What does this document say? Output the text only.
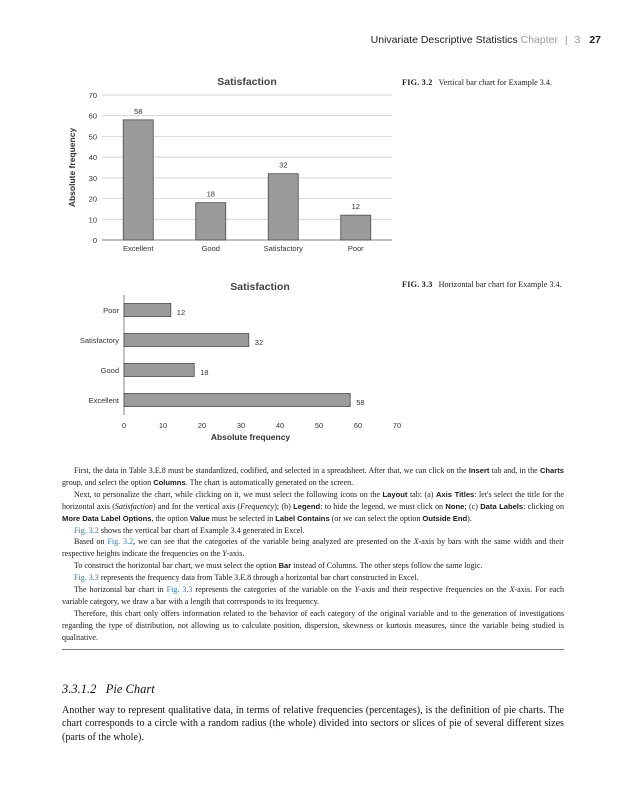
Univariate Descriptive Statistics Chapter | 3 27
Satisfaction
0
10
20
30
40
50
60
70
Absolute frequency
58
Excellent
18
Good
32
Satisfactory
12
Poor
FIG. 3.2 Vertical bar chart for Example 3.4.
Satisfaction
0	10	20	30	40	50	60	70
Absolute frequency
58
Excellent
18
Good
32
Satisfactory
12
Poor
FIG. 3.3 Horizontal bar chart for Example 3.4.

First, the data in Table 3.E.8 must be standardized, codified, and selected in a spreadsheet. After that, we can click on the Insert tab and, in the Charts group, and select the option Columns. The chart is automatically generated on the screen.

Next, to personalize the chart, while clicking on it, we must select the following icons on the Layout tab: (a) Axis Titles: let's select the title for the horizontal axis (Satisfaction) and for the vertical axis (Frequency); (b) Legend: to hide the legend, we must click on None; (c) Data Labels: clicking on More Data Label Options, the option Value must be selected in Label Contains (or we can select the option Outside End).

Fig. 3.2 shows the vertical bar chart of Example 3.4 generated in Excel.

Based on Fig. 3.2, we can see that the categories of the variable being analyzed are presented on the X-axis by bars with the same width and their respective heights indicate the frequencies on the Y-axis.

To construct the horizontal bar chart, we must select the option Bar instead of Columns. The other steps follow the same logic.

Fig. 3.3 represents the frequency data from Table 3.E.8 through a horizontal bar chart constructed in Excel.

The horizontal bar chart in Fig. 3.3 represents the categories of the variable on the Y-axis and their respective frequencies on the X-axis. For each variable category, we draw a bar with a length that corresponds to its frequency.

Therefore, this chart only offers information related to the behavior of each category of the original variable and to the generation of investigations regarding the type of distribution, not allowing us to calculate position, dispersion, skewness or kurtosis measures, since the variable being studied is qualitative.

3.3.1.2 Pie Chart
Another way to represent qualitative data, in terms of relative frequencies (percentages), is the definition of pie charts. The chart corresponds to a circle with a random radius (the whole) divided into sectors or slices of pie of several different sizes (parts of the whole).
